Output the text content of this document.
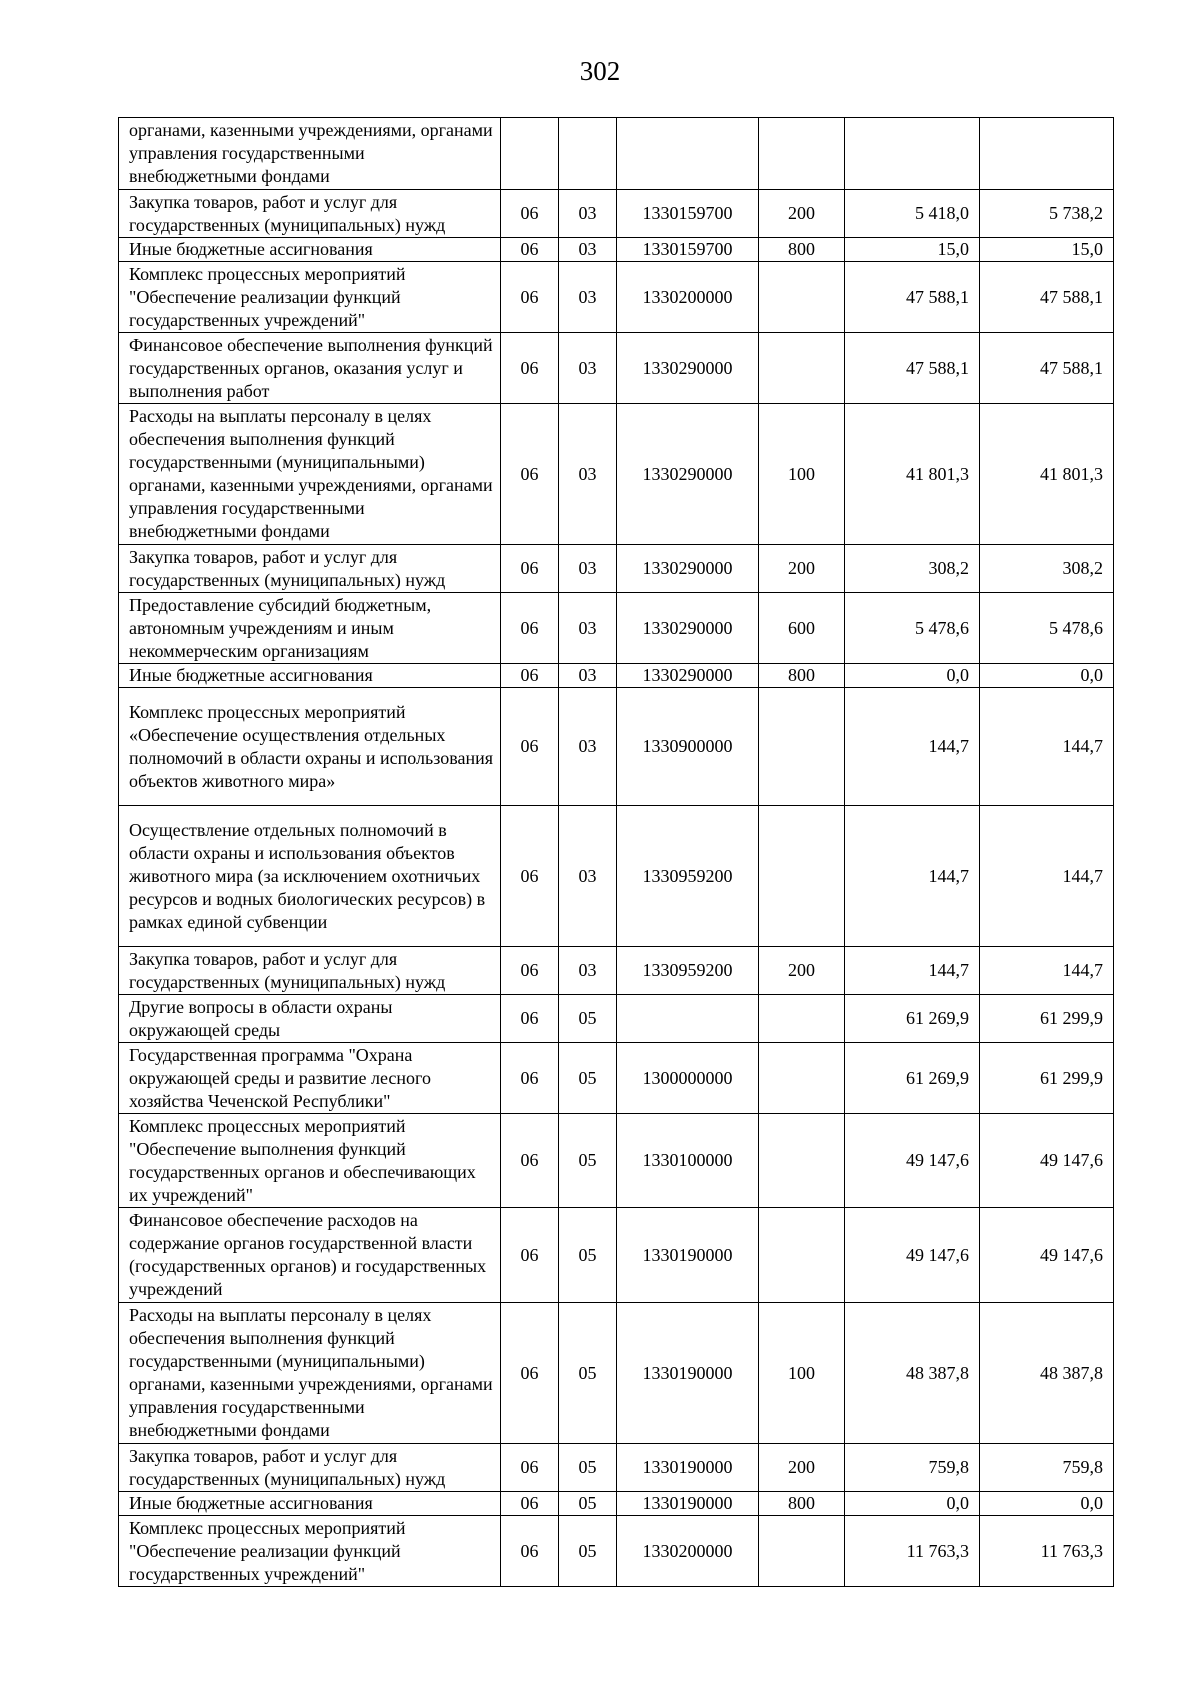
302
органами, казенными учреждениями, органами управления государственными внебюджетными фондами						
Закупка товаров, работ и услуг для государственных (муниципальных) нужд	06	03	1330159700	200	5 418,0	5 738,2
Иные бюджетные ассигнования	06	03	1330159700	800	15,0	15,0
Комплекс процессных мероприятий "Обеспечение реализации функций государственных учреждений"	06	03	1330200000		47 588,1	47 588,1
Финансовое обеспечение выполнения функций государственных органов, оказания услуг и выполнения работ	06	03	1330290000		47 588,1	47 588,1
Расходы на выплаты персоналу в целях обеспечения выполнения функций государственными (муниципальными) органами, казенными учреждениями, органами управления государственными внебюджетными фондами	06	03	1330290000	100	41 801,3	41 801,3
Закупка товаров, работ и услуг для государственных (муниципальных) нужд	06	03	1330290000	200	308,2	308,2
Предоставление субсидий бюджетным, автономным учреждениям и иным некоммерческим организациям	06	03	1330290000	600	5 478,6	5 478,6
Иные бюджетные ассигнования	06	03	1330290000	800	0,0	0,0
Комплекс процессных мероприятий «Обеспечение осуществления отдельных полномочий в области охраны и использования объектов животного мира»	06	03	1330900000		144,7	144,7
Осуществление отдельных полномочий в области охраны и использования объектов животного мира (за исключением охотничьих ресурсов и водных биологических ресурсов) в рамках единой субвенции	06	03	1330959200		144,7	144,7
Закупка товаров, работ и услуг для государственных (муниципальных) нужд	06	03	1330959200	200	144,7	144,7
Другие вопросы в области охраны окружающей среды	06	05			61 269,9	61 299,9
Государственная программа "Охрана окружающей среды и развитие лесного хозяйства Чеченской Республики"	06	05	1300000000		61 269,9	61 299,9
Комплекс процессных мероприятий "Обеспечение выполнения функций государственных органов и обеспечивающих их учреждений"	06	05	1330100000		49 147,6	49 147,6
Финансовое обеспечение расходов на содержание органов государственной власти (государственных органов) и государственных учреждений	06	05	1330190000		49 147,6	49 147,6
Расходы на выплаты персоналу в целях обеспечения выполнения функций государственными (муниципальными) органами, казенными учреждениями, органами управления государственными внебюджетными фондами	06	05	1330190000	100	48 387,8	48 387,8
Закупка товаров, работ и услуг для государственных (муниципальных) нужд	06	05	1330190000	200	759,8	759,8
Иные бюджетные ассигнования	06	05	1330190000	800	0,0	0,0
Комплекс процессных мероприятий "Обеспечение реализации функций государственных учреждений"	06	05	1330200000		11 763,3	11 763,3
